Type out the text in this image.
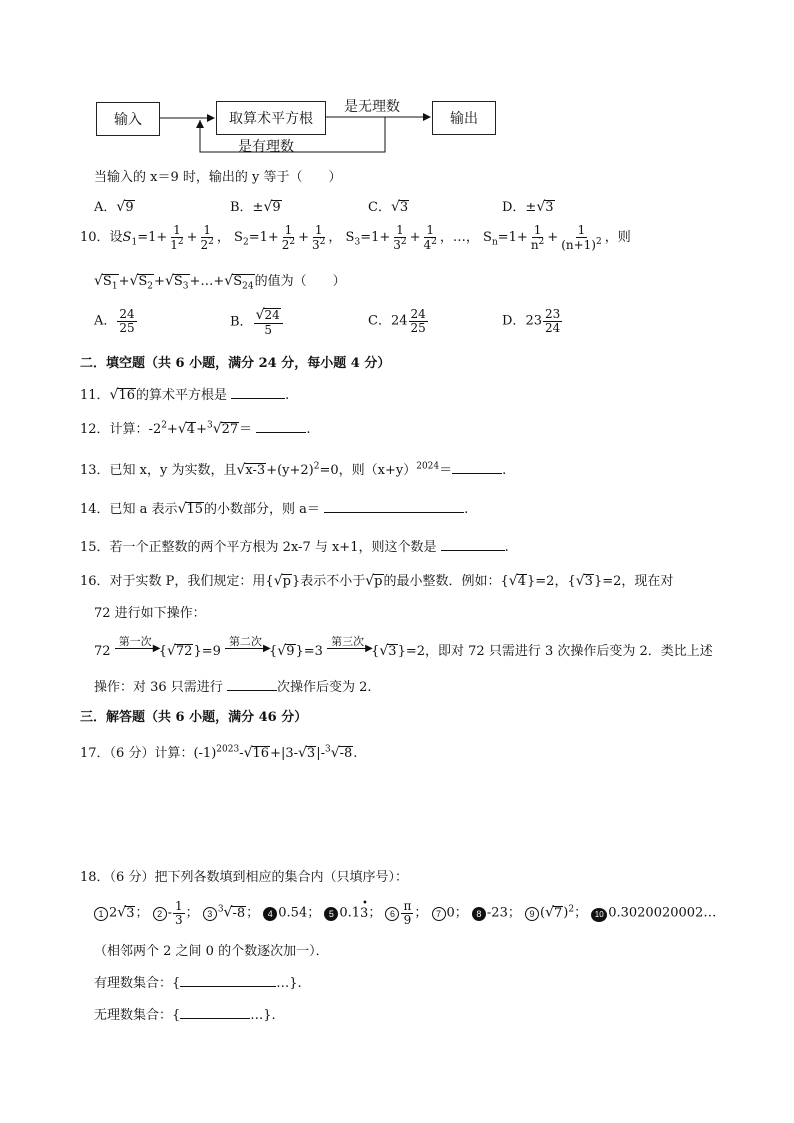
输入	取算术平方根	输出
是无理数
是有理数
当输入的 x＝9 时，输出的 y 等于（　　）
A．√9	B．±√9	C．√3	D．±√3
10．设$S_1=1+ \frac{1}{1^2} + \frac{1}{2^2}$ ， $S_2=1+ \frac{1}{2^2} + \frac{1}{3^2}$ ， $S_3=1+ \frac{1}{3^2} + \frac{1}{4^2}$ ，…， $S_n=1+ \frac{1}{n^2} + \frac{1}{(n+1)^2}$ ，则
$√S_1+√S_2+√S_3+\dots+√S_{24}$的值为（　　）
A． $\frac{24}{25}$	B． $\frac{√24}{5}$	C．$24 \frac{24}{25}$	D．$23 \frac{23}{24}$
二．填空题（共 6 小题，满分 24 分，每小题 4 分）
11．√16的算术平方根是	.
12．计算：$-2^2+√4+^3√27=$	.
13．已知 x，y 为实数，且$√x-3+(y+2)^2=0$，则$(x+y)^{2024}=$	.
14．已知 a 表示√15的小数部分，则 a＝	.
15．若一个正整数的两个平方根为 2x-7 与 x+1，则这个数是	.
16．对于实数 P，我们规定：用{√p}表示不小于√p的最小整数．例如：{√4}=2，{√3}=2，现在对
72 进行如下操作：
72
第一次
▶
{√72}=9
第二次
▶
{√9}=3
第三次
▶
{√3}=2，即对 72 只需进行 3 次操作后变为 2．类比上述
操作：对 36 只需进行	次操作后变为 2.
三．解答题（共 6 小题，满分 46 分）
17．（6 分）计算：$(-1)^{2023}-√16+|3-√3|-^3√-8$.
18．（6 分）把下列各数填到相应的集合内（只填序号）：
1 2√3； $2 - \frac{1}{3}$ ； 3 $^3$√-8； 4 0.54； 5 0.13
•
； $6 \frac{\pi}{9}$ ； 7 0； 8 -23； 9 $(√7)^2$； 10 0.3020020002…
（相邻两个 2 之间 0 的个数逐次加一）．
有理数集合：{	…}.
无理数集合：{	…}.
